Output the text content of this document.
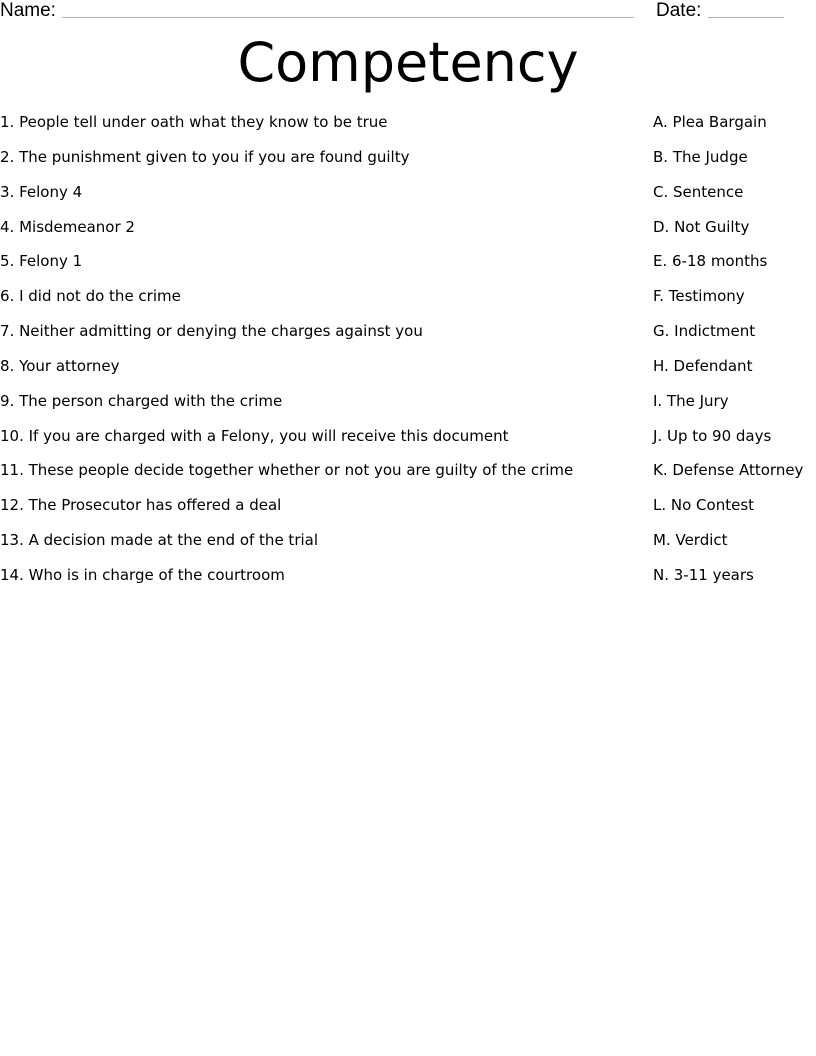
Name:	Date:
Competency
1. People tell under oath what they know to be true	A. Plea Bargain
2. The punishment given to you if you are found guilty	B. The Judge
3. Felony 4	C. Sentence
4. Misdemeanor 2	D. Not Guilty
5. Felony 1	E. 6-18 months
6. I did not do the crime	F. Testimony
7. Neither admitting or denying the charges against you	G. Indictment
8. Your attorney	H. Defendant
9. The person charged with the crime	I. The Jury
10. If you are charged with a Felony, you will receive this document	J. Up to 90 days
11. These people decide together whether or not you are guilty of the crime	K. Defense Attorney
12. The Prosecutor has offered a deal	L. No Contest
13. A decision made at the end of the trial	M. Verdict
14. Who is in charge of the courtroom	N. 3-11 years
